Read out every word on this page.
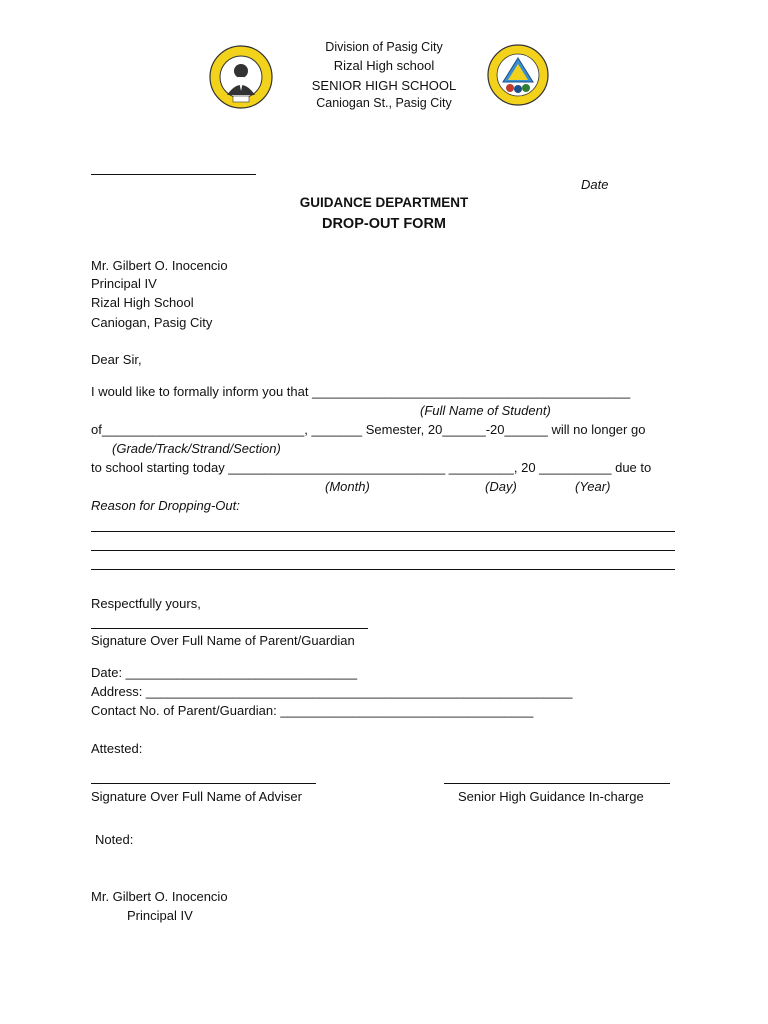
Division of Pasig City
Rizal High school
SENIOR HIGH SCHOOL
Caniogan St., Pasig City
Date
GUIDANCE DEPARTMENT
DROP-OUT FORM
Mr. Gilbert O. Inocencio
Principal IV
Rizal High School
Caniogan, Pasig City
Dear Sir,
I would like to formally inform you that ____________________________________________
(Full Name of Student)
of____________________________, _______ Semester, 20______-20______ will no longer go
(Grade/Track/Strand/Section)
to school starting today ______________________________ _________, 20 __________ due to
(Month)	(Day)	(Year)
Reason for Dropping-Out:
Respectfully yours,
Signature Over Full Name of Parent/Guardian
Date: ________________________________
Address: ___________________________________________________________
Contact No. of Parent/Guardian: ___________________________________
Attested:
Signature Over Full Name of Adviser	Senior High Guidance In-charge
Noted:
Mr. Gilbert O. Inocencio
Principal IV
